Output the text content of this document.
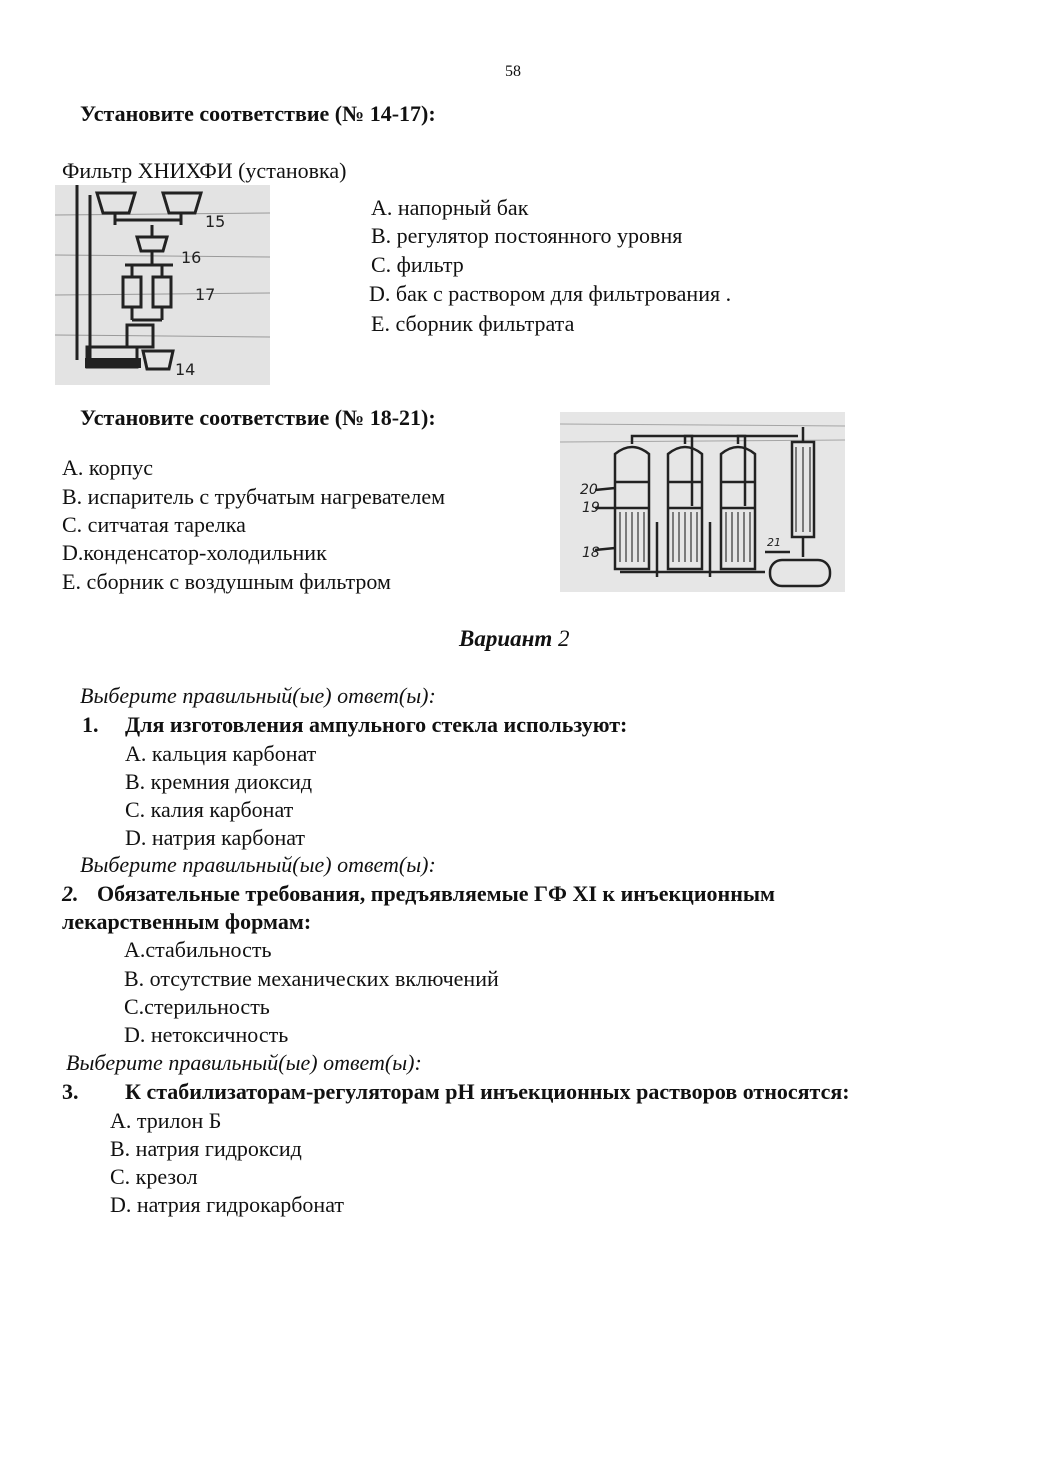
58
Установите соответствие (№ 14-17):
Фильтр ХНИХФИ (установка)
15
16
17
14
A. напорный бак
B. регулятор постоянного уровня
C. фильтр
D. бак с раствором для фильтрования .
E. сборник фильтрата
Установите соответствие (№ 18-21):
A. корпус
B. испаритель с трубчатым нагревателем
C. ситчатая тарелка
D.конденсатор-холодильник
E. сборник с воздушным фильтром
20
19
18
21
Вариант 2
Выберите правильный(ые) ответ(ы):
1. Для изготовления ампульного стекла используют:
A. кальция карбонат
B. кремния диоксид
C. калия карбонат
D. натрия карбонат
Выберите правильный(ые) ответ(ы):
2. Обязательные требования, предъявляемые ГФ XI к инъекционным
лекарственным формам:
A.стабильность
B. отсутствие механических включений
C.стерильность
D. нетоксичность
Выберите правильный(ые) ответ(ы):
3. К стабилизаторам-регуляторам рН инъекционных растворов относятся:
A. трилон Б
B. натрия гидроксид
C. крезол
D. натрия гидрокарбонат
